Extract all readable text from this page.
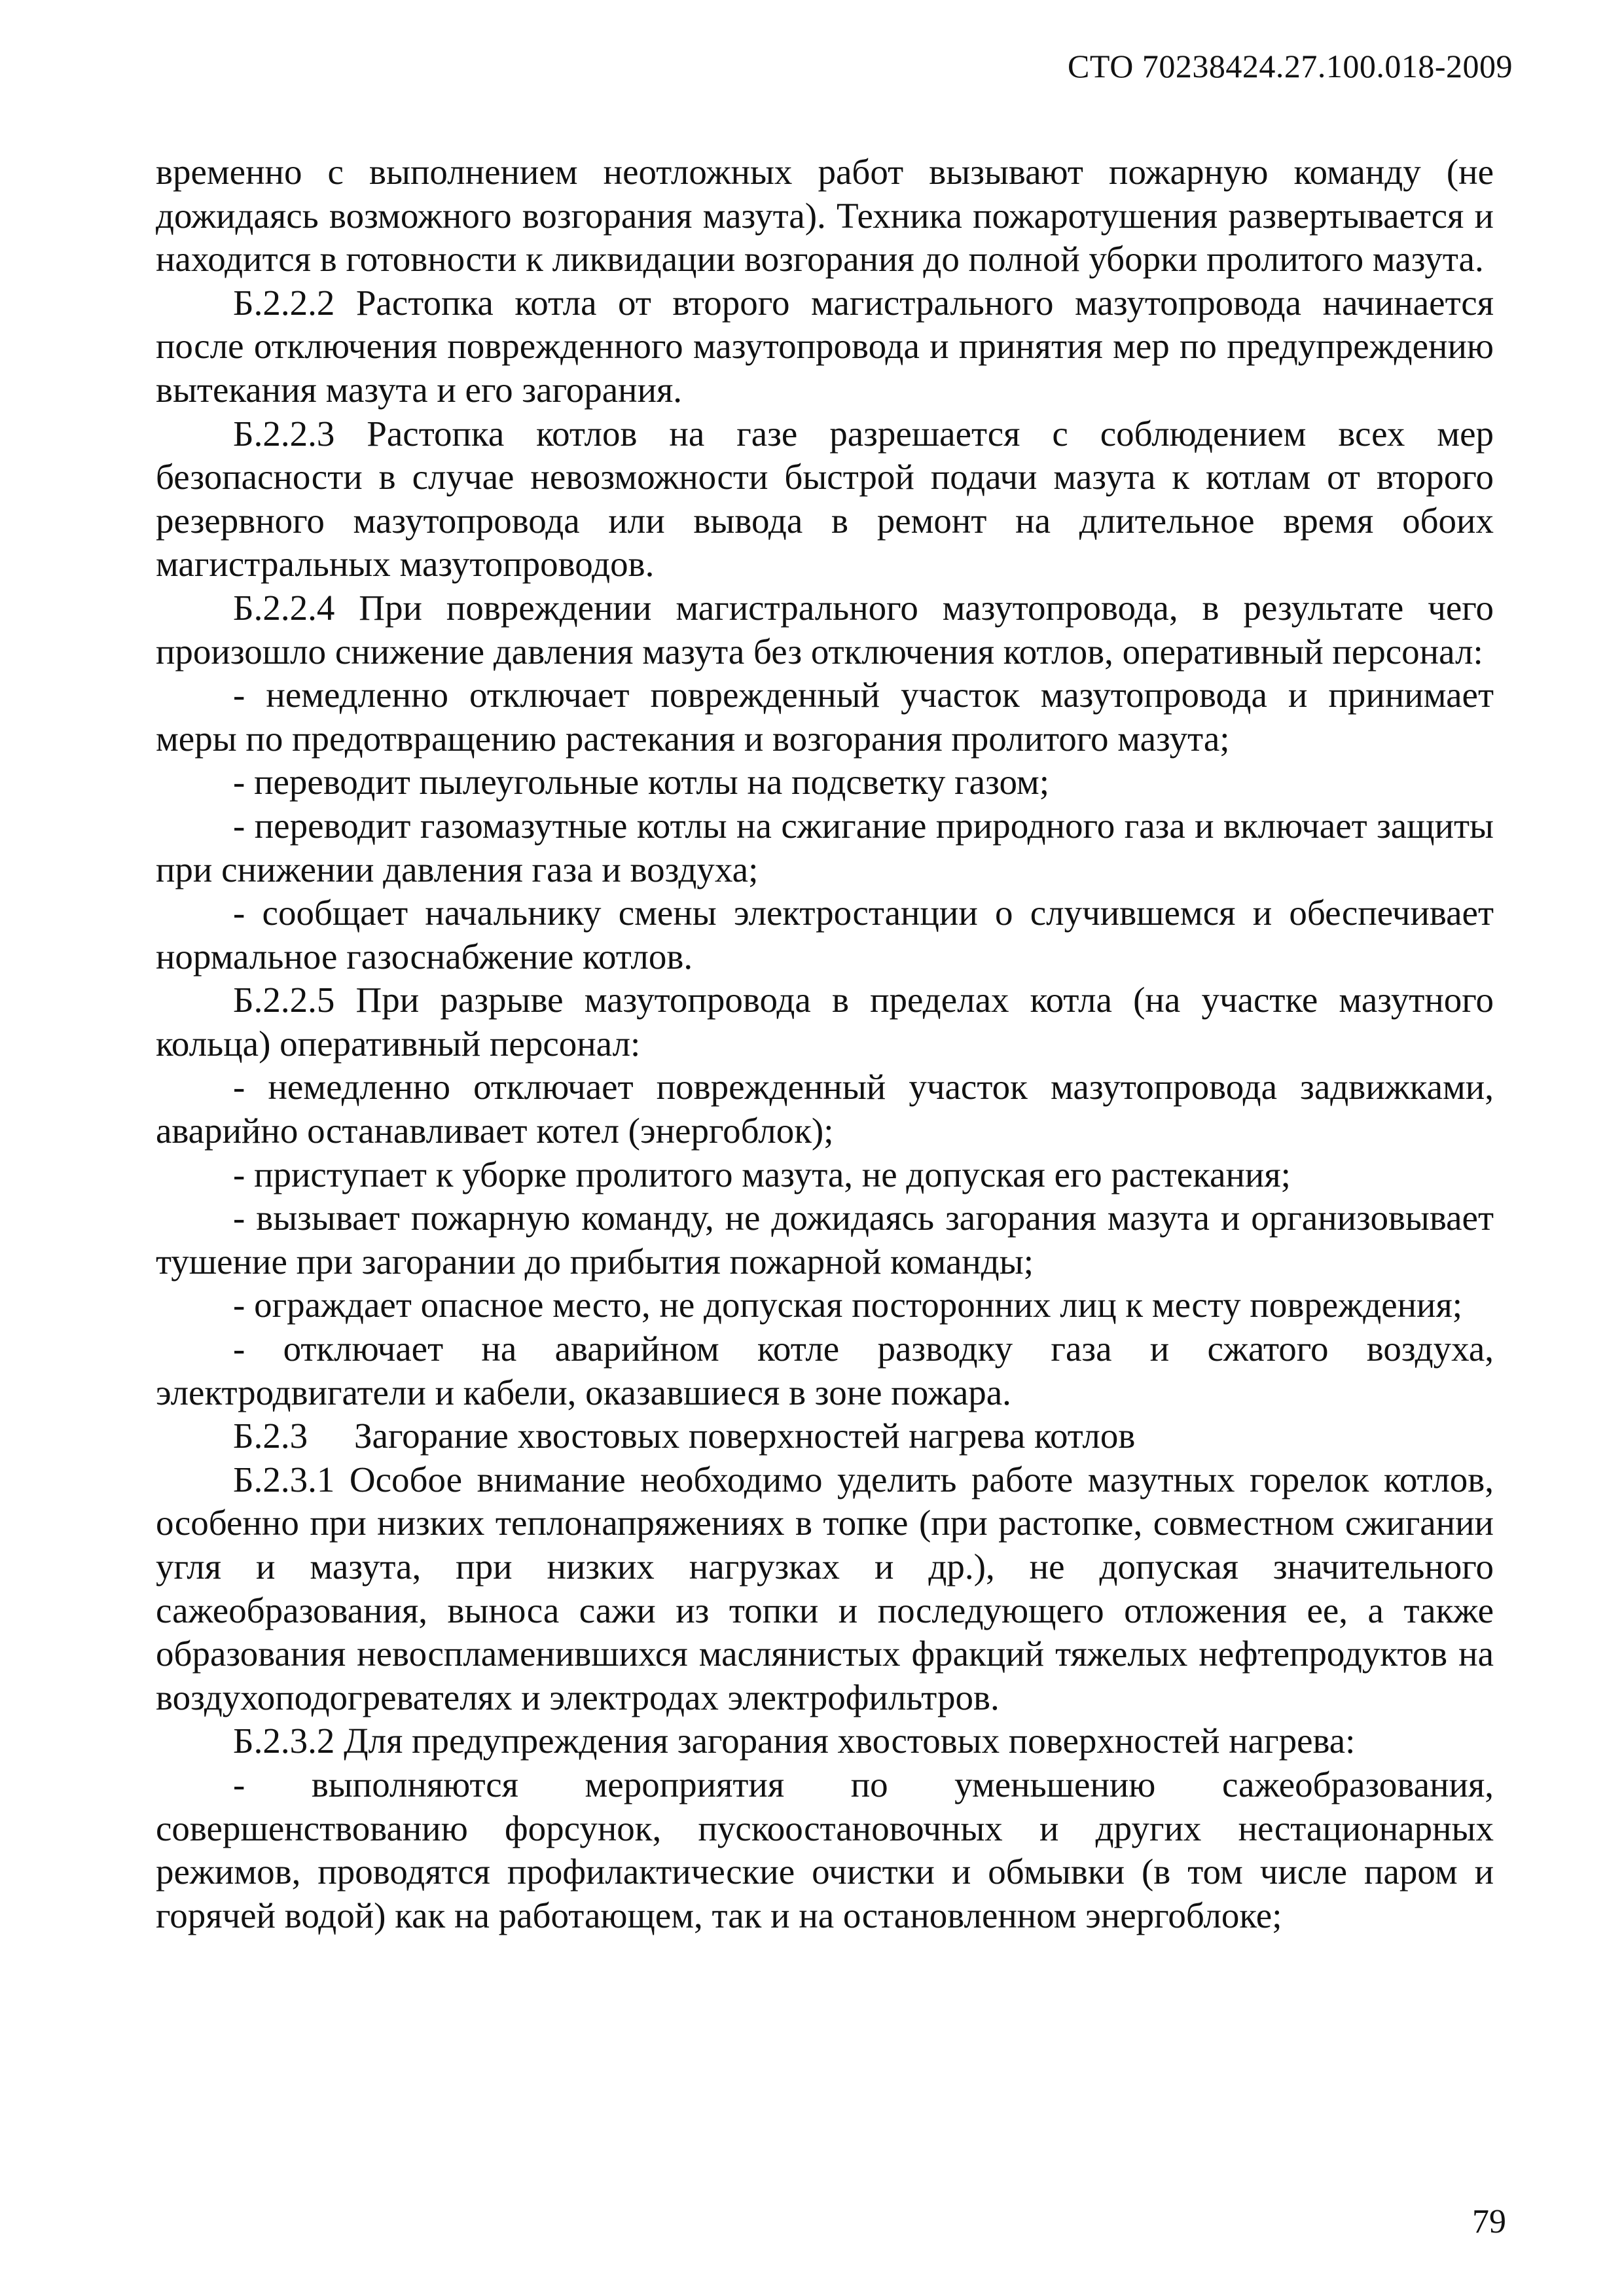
СТО 70238424.27.100.018-2009

временно с выполнением неотложных работ вызывают пожарную команду (не дожидаясь возможного возгорания мазута). Техника пожаротушения развертывается и находится в готовности к ликвидации возгорания до полной уборки пролитого мазута.

Б.2.2.2 Растопка котла от второго магистрального мазутопровода начинается после отключения поврежденного мазутопровода и принятия мер по предупреждению вытекания мазута и его загорания.

Б.2.2.3 Растопка котлов на газе разрешается с соблюдением всех мер безопасности в случае невозможности быстрой подачи мазута к котлам от второго резервного мазутопровода или вывода в ремонт на длительное время обоих магистральных мазутопроводов.

Б.2.2.4 При повреждении магистрального мазутопровода, в результате чего произошло снижение давления мазута без отключения котлов, оперативный персонал:

- немедленно отключает поврежденный участок мазутопровода и принимает меры по предотвращению растекания и возгорания пролитого мазута;

- переводит пылеугольные котлы на подсветку газом;

- переводит газомазутные котлы на сжигание природного газа и включает защиты при снижении давления газа и воздуха;

- сообщает начальнику смены электростанции о случившемся и обеспечивает нормальное газоснабжение котлов.

Б.2.2.5 При разрыве мазутопровода в пределах котла (на участке мазутного кольца) оперативный персонал:

- немедленно отключает поврежденный участок мазутопровода задвижками, аварийно останавливает котел (энергоблок);

- приступает к уборке пролитого мазута, не допуская его растекания;

- вызывает пожарную команду, не дожидаясь загорания мазута и организовывает тушение при загорании до прибытия пожарной команды;

- ограждает опасное место, не допуская посторонних лиц к месту повреждения;

- отключает на аварийном котле разводку газа и сжатого воздуха, электродвигатели и кабели, оказавшиеся в зоне пожара.

Б.2.3 Загорание хвостовых поверхностей нагрева котлов

Б.2.3.1 Особое внимание необходимо уделить работе мазутных горелок котлов, особенно при низких теплонапряжениях в топке (при растопке, совместном сжигании угля и мазута, при низких нагрузках и др.), не допуская значительного сажеобразования, выноса сажи из топки и последующего отложения ее, а также образования невоспламенившихся маслянистых фракций тяжелых нефтепродуктов на воздухоподогревателях и электродах электрофильтров.

Б.2.3.2 Для предупреждения загорания хвостовых поверхностей нагрева:

- выполняются мероприятия по уменьшению сажеобразования, совершенствованию форсунок, пускоостановочных и других нестационарных режимов, проводятся профилактические очистки и обмывки (в том числе паром и горячей водой) как на работающем, так и на остановленном энергоблоке;

79
